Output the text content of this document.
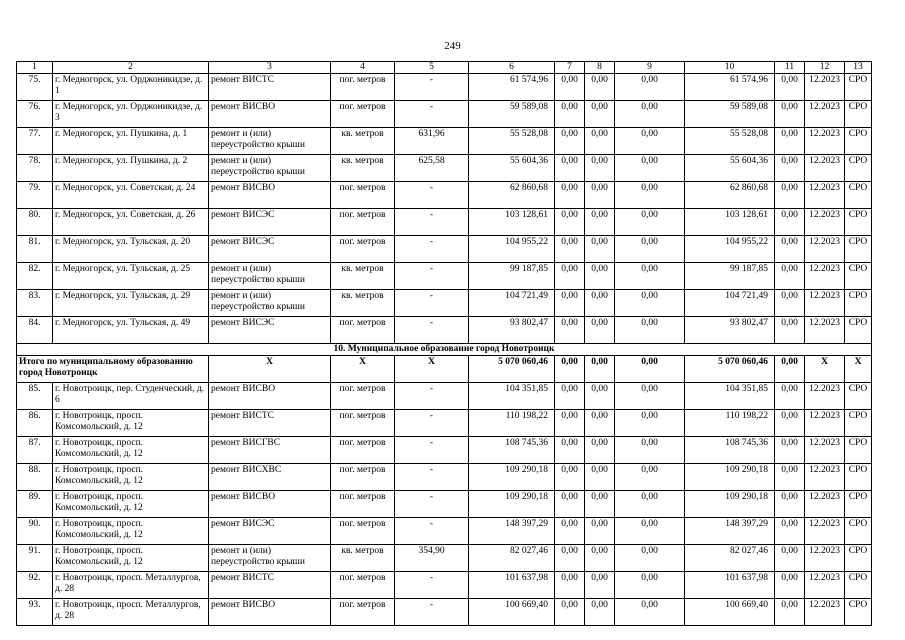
249
1	2	3	4	5	6	7	8	9	10	11	12	13
75.	г. Медногорск, ул. Орджоникидзе, д. 1	ремонт ВИСТС	пог. метров	-	61 574,96	0,00	0,00	0,00	61 574,96	0,00	12.2023	СРО
76.	г. Медногорск, ул. Орджоникидзе, д. 3	ремонт ВИСВО	пог. метров	-	59 589,08	0,00	0,00	0,00	59 589,08	0,00	12.2023	СРО
77.	г. Медногорск, ул. Пушкина, д. 1	ремонт и (или) переустройство крыши	кв. метров	631,96	55 528,08	0,00	0,00	0,00	55 528,08	0,00	12.2023	СРО
78.	г. Медногорск, ул. Пушкина, д. 2	ремонт и (или) переустройство крыши	кв. метров	625,58	55 604,36	0,00	0,00	0,00	55 604,36	0,00	12.2023	СРО
79.	г. Медногорск, ул. Советская, д. 24	ремонт ВИСВО	пог. метров	-	62 860,68	0,00	0,00	0,00	62 860,68	0,00	12.2023	СРО
80.	г. Медногорск, ул. Советская, д. 26	ремонт ВИСЭС	пог. метров	-	103 128,61	0,00	0,00	0,00	103 128,61	0,00	12.2023	СРО
81.	г. Медногорск, ул. Тульская, д. 20	ремонт ВИСЭС	пог. метров	-	104 955,22	0,00	0,00	0,00	104 955,22	0,00	12.2023	СРО
82.	г. Медногорск, ул. Тульская, д. 25	ремонт и (или) переустройство крыши	кв. метров	-	99 187,85	0,00	0,00	0,00	99 187,85	0,00	12.2023	СРО
83.	г. Медногорск, ул. Тульская, д. 29	ремонт и (или) переустройство крыши	кв. метров	-	104 721,49	0,00	0,00	0,00	104 721,49	0,00	12.2023	СРО
84.	г. Медногорск, ул. Тульская, д. 49	ремонт ВИСЭС	пог. метров	-	93 802,47	0,00	0,00	0,00	93 802,47	0,00	12.2023	СРО
10. Муниципальное образование город Новотроицк												
Итого по муниципальному образованию город Новотроицк		X	X	X	5 070 060,46	0,00	0,00	0,00	5 070 060,46	0,00	X	X
85.	г. Новотроицк, пер. Студенческий, д. 6	ремонт ВИСВО	пог. метров	-	104 351,85	0,00	0,00	0,00	104 351,85	0,00	12.2023	СРО
86.	г. Новотроицк, просп. Комсомольский, д. 12	ремонт ВИСТС	пог. метров	-	110 198,22	0,00	0,00	0,00	110 198,22	0,00	12.2023	СРО
87.	г. Новотроицк, просп. Комсомольский, д. 12	ремонт ВИСГВС	пог. метров	-	108 745,36	0,00	0,00	0,00	108 745,36	0,00	12.2023	СРО
88.	г. Новотроицк, просп. Комсомольский, д. 12	ремонт ВИСХВС	пог. метров	-	109 290,18	0,00	0,00	0,00	109 290,18	0,00	12.2023	СРО
89.	г. Новотроицк, просп. Комсомольский, д. 12	ремонт ВИСВО	пог. метров	-	109 290,18	0,00	0,00	0,00	109 290,18	0,00	12.2023	СРО
90.	г. Новотроицк, просп. Комсомольский, д. 12	ремонт ВИСЭС	пог. метров	-	148 397,29	0,00	0,00	0,00	148 397,29	0,00	12.2023	СРО
91.	г. Новотроицк, просп. Комсомольский, д. 12	ремонт и (или) переустройство крыши	кв. метров	354,90	82 027,46	0,00	0,00	0,00	82 027,46	0,00	12.2023	СРО
92.	г. Новотроицк, просп. Металлургов, д. 28	ремонт ВИСТС	пог. метров	-	101 637,98	0,00	0,00	0,00	101 637,98	0,00	12.2023	СРО
93.	г. Новотроицк, просп. Металлургов, д. 28	ремонт ВИСВО	пог. метров	-	100 669,40	0,00	0,00	0,00	100 669,40	0,00	12.2023	СРО
